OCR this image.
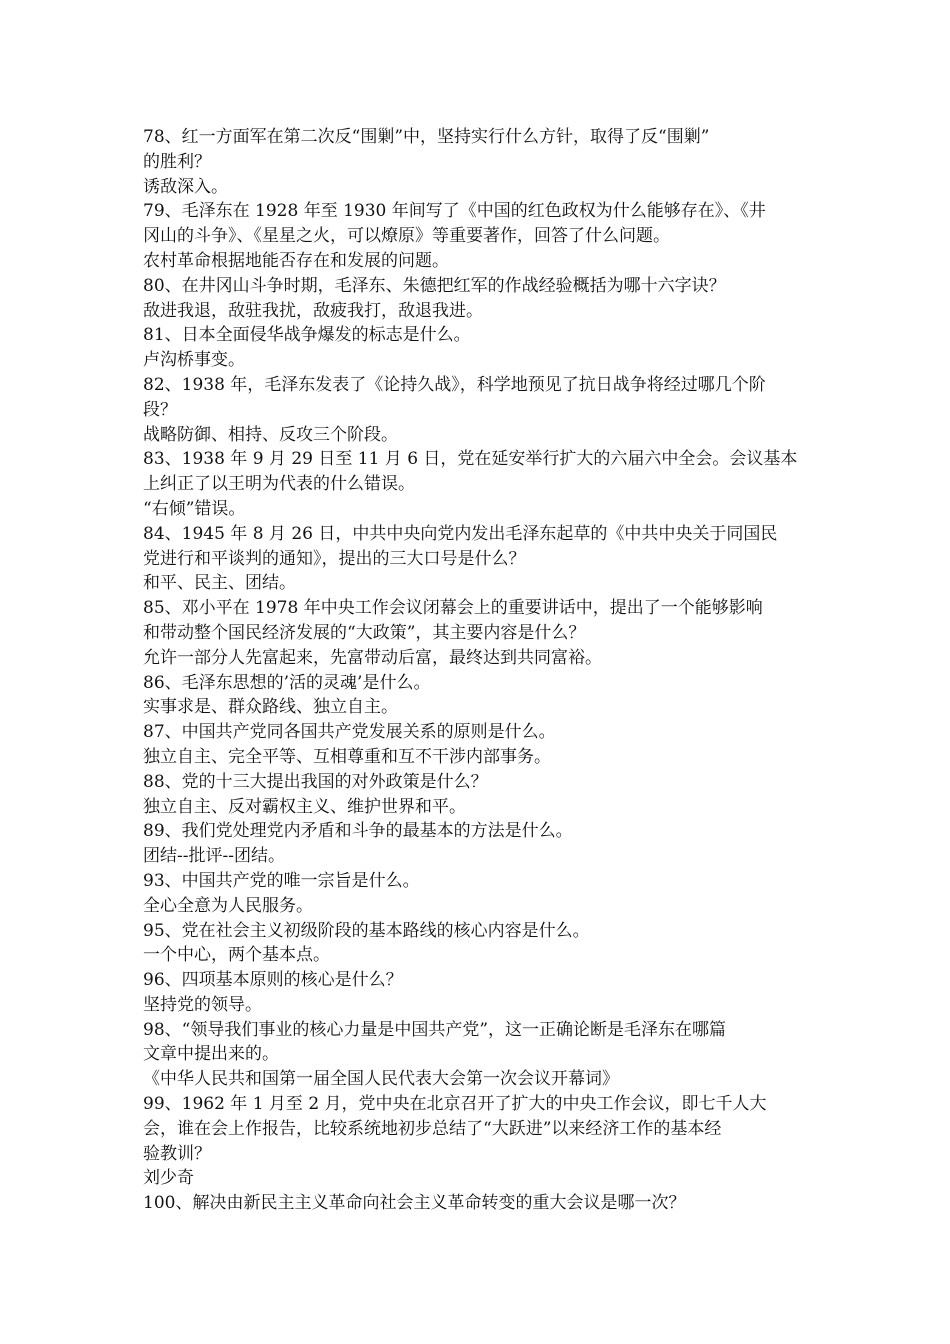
78、红一方面军在第二次反“围剿”中，坚持实行什么方针，取得了反“围剿”
的胜利？
诱敌深入。
79、毛泽东在 1928 年至 1930 年间写了《中国的红色政权为什么能够存在》、《井
冈山的斗争》、《星星之火，可以燎原》等重要著作，回答了什么问题。
农村革命根据地能否存在和发展的问题。
80、在井冈山斗争时期，毛泽东、朱德把红军的作战经验概括为哪十六字诀？
敌进我退，敌驻我扰，敌疲我打，敌退我进。
81、日本全面侵华战争爆发的标志是什么。
卢沟桥事变。
82、1938 年，毛泽东发表了《论持久战》，科学地预见了抗日战争将经过哪几个阶
段？
战略防御、相持、反攻三个阶段。
83、1938 年 9 月 29 日至 11 月 6 日，党在延安举行扩大的六届六中全会。会议基本
上纠正了以王明为代表的什么错误。
“右倾”错误。
84、1945 年 8 月 26 日，中共中央向党内发出毛泽东起草的《中共中央关于同国民
党进行和平谈判的通知》，提出的三大口号是什么？
和平、民主、团结。
85、邓小平在 1978 年中央工作会议闭幕会上的重要讲话中，提出了一个能够影响
和带动整个国民经济发展的“大政策”，其主要内容是什么？
允许一部分人先富起来，先富带动后富，最终达到共同富裕。
86、毛泽东思想的’活的灵魂’是什么。
实事求是、群众路线、独立自主。
87、中国共产党同各国共产党发展关系的原则是什么。
独立自主、完全平等、互相尊重和互不干涉内部事务。
88、党的十三大提出我国的对外政策是什么？
独立自主、反对霸权主义、维护世界和平。
89、我们党处理党内矛盾和斗争的最基本的方法是什么。
团结--批评--团结。
93、中国共产党的唯一宗旨是什么。
全心全意为人民服务。
95、党在社会主义初级阶段的基本路线的核心内容是什么。
一个中心，两个基本点。
96、四项基本原则的核心是什么？
坚持党的领导。
98、“领导我们事业的核心力量是中国共产党”，这一正确论断是毛泽东在哪篇
文章中提出来的。
《中华人民共和国第一届全国人民代表大会第一次会议开幕词》
99、1962 年 1 月至 2 月，党中央在北京召开了扩大的中央工作会议，即七千人大
会，谁在会上作报告，比较系统地初步总结了“大跃进”以来经济工作的基本经
验教训？
刘少奇
100、解决由新民主主义革命向社会主义革命转变的重大会议是哪一次？
